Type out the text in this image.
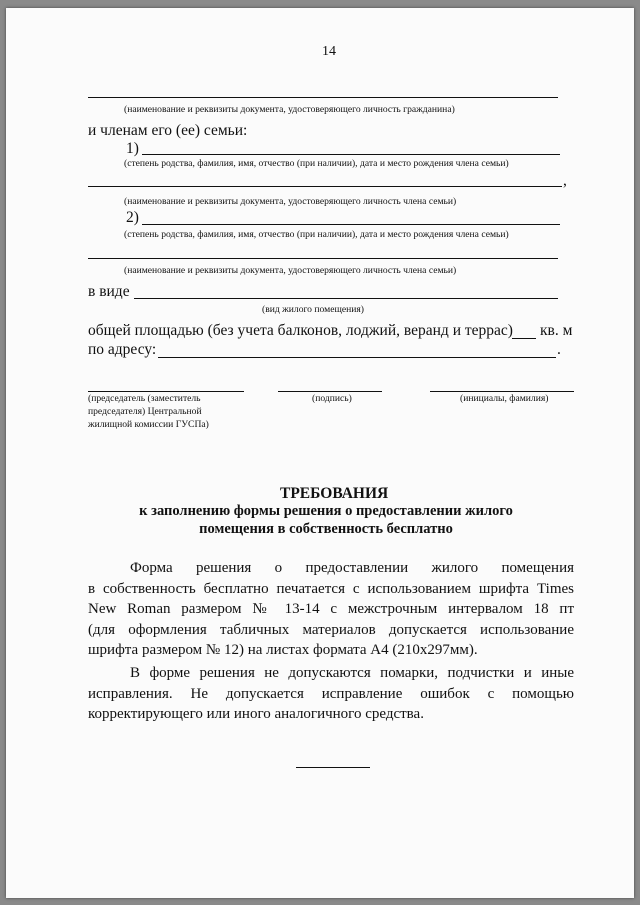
14
(наименование и реквизиты документа, удостоверяющего личность гражданина)
и членам его (ее) семьи:
1)
(степень родства, фамилия, имя, отчество (при наличии), дата и место рождения члена семьи)
,
(наименование и реквизиты документа, удостоверяющего личность члена семьи)
2)
(степень родства, фамилия, имя, отчество (при наличии), дата и место рождения члена семьи)
(наименование и реквизиты документа, удостоверяющего личность члена семьи)
в виде
(вид жилого помещения)
общей площадью (без учета балконов, лоджий, веранд и террас) кв. м
по адресу:	.
(председатель (заместитель
председателя) Центральной
жилищной комиссии ГУСПа)
(подпись)	(инициалы, фамилия)
ТРЕБОВАНИЯ
к заполнению формы решения о предоставлении жилого
помещения в собственность бесплатно
Форма решения о предоставлении жилого помещения
в собственность бесплатно печатается с использованием шрифта Times
New Roman размером № 13-14 с межстрочным интервалом 18 пт
(для оформления табличных материалов допускается использование
шрифта размером № 12) на листах формата А4 (210х297мм).
В форме решения не допускаются помарки, подчистки и иные
исправления. Не допускается исправление ошибок с помощью
корректирующего или иного аналогичного средства.
